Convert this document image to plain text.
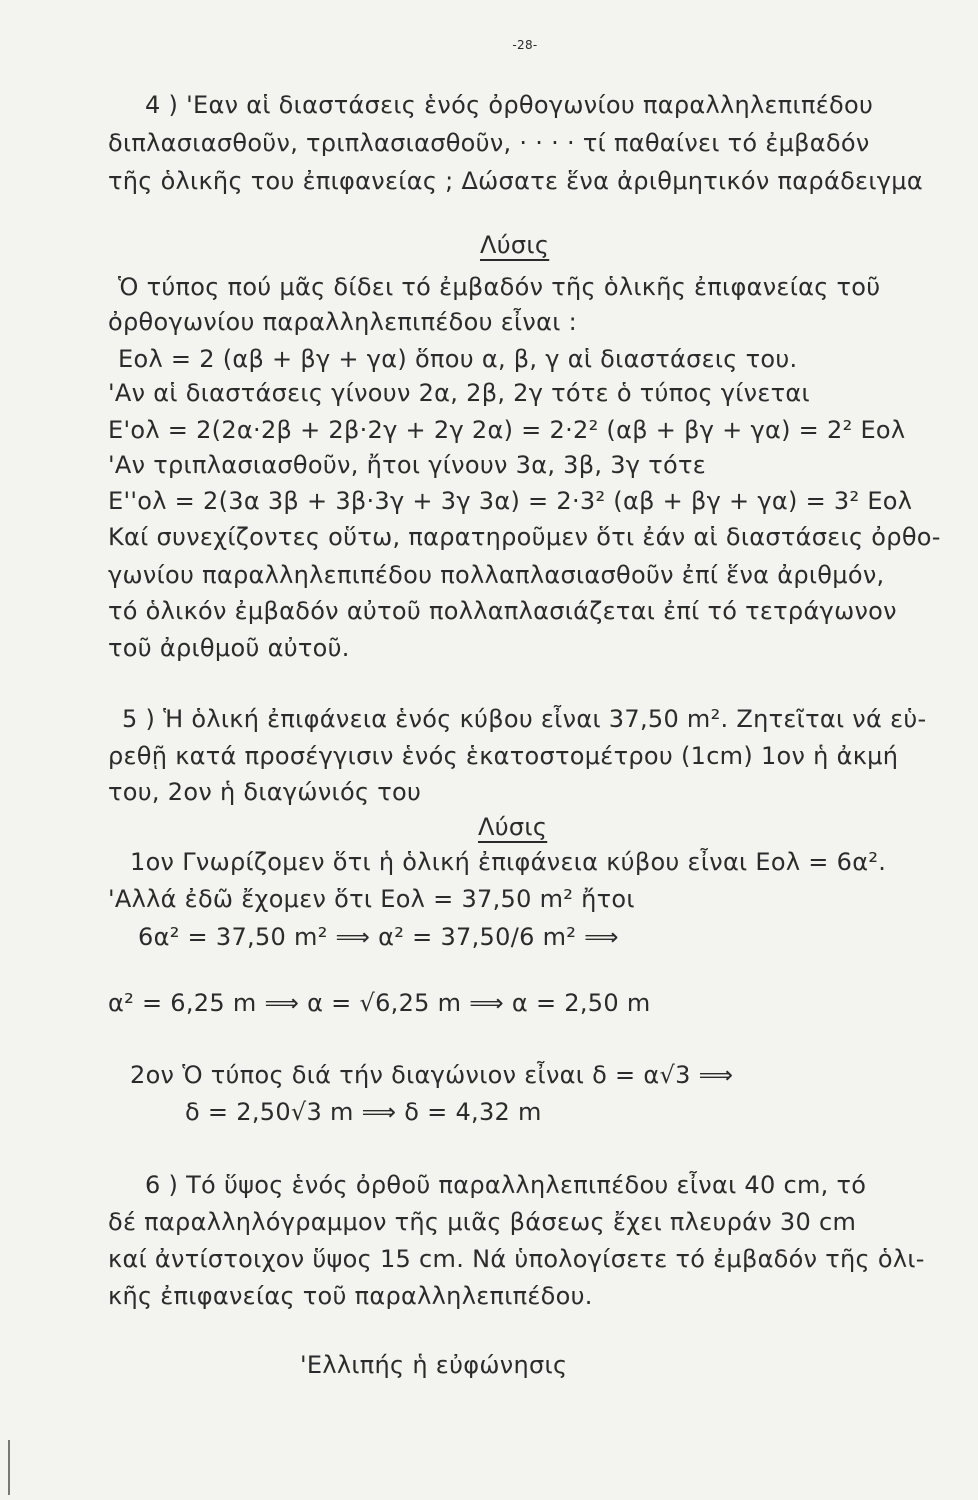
-28-
4 ) 'Εαν αἱ διαστάσεις ἑνός ὀρθογωνίου παραλληλεπιπέδου
διπλασιασθοῦν, τριπλασιασθοῦν, · · · · τί παθαίνει τό ἐμβαδόν
τῆς ὁλικῆς του ἐπιφανείας ; Δώσατε ἕνα ἀριθμητικόν παράδειγμα
Λύσις
Ὁ τύπος πού μᾶς δίδει τό ἐμβαδόν τῆς ὁλικῆς ἐπιφανείας τοῦ
ὀρθογωνίου παραλληλεπιπέδου εἶναι :
Eολ = 2 (αβ + βγ + γα) ὅπου α, β, γ αἱ διαστάσεις του.
'Αν αἱ διαστάσεις γίνουν 2α, 2β, 2γ τότε ὁ τύπος γίνεται
E'ολ = 2(2α·2β + 2β·2γ + 2γ 2α) = 2·2² (αβ + βγ + γα) = 2² Eολ
'Αν τριπλασιασθοῦν, ἤτοι γίνουν 3α, 3β, 3γ τότε
E''ολ = 2(3α 3β + 3β·3γ + 3γ 3α) = 2·3² (αβ + βγ + γα) = 3² Eολ
Καί συνεχίζοντες οὕτω, παρατηροῦμεν ὅτι ἐάν αἱ διαστάσεις ὀρθο-
γωνίου παραλληλεπιπέδου πολλαπλασιασθοῦν ἐπί ἕνα ἀριθμόν,
τό ὁλικόν ἐμβαδόν αὐτοῦ πολλαπλασιάζεται ἐπί τό τετράγωνον
τοῦ ἀριθμοῦ αὐτοῦ.
5 ) Ἡ ὁλική ἐπιφάνεια ἑνός κύβου εἶναι 37,50 m². Ζητεῖται νά εὑ-
ρεθῇ κατά προσέγγισιν ἑνός ἑκατοστομέτρου (1cm) 1ον ἡ ἀκμή
του, 2ον ἡ διαγώνιός του
Λύσις
1ον Γνωρίζομεν ὅτι ἡ ὁλική ἐπιφάνεια κύβου εἶναι Eολ = 6α².
'Αλλά ἐδῶ ἔχομεν ὅτι Eολ = 37,50 m² ἤτοι
6α² = 37,50 m² ⟹ α² = 37,50/6 m² ⟹
α² = 6,25 m ⟹ α = √6,25 m ⟹ α = 2,50 m
2ον Ὁ τύπος διά τήν διαγώνιον εἶναι δ = α√3 ⟹
δ = 2,50√3 m ⟹ δ = 4,32 m
6 ) Τό ὕψος ἑνός ὀρθοῦ παραλληλεπιπέδου εἶναι 40 cm, τό
δέ παραλληλόγραμμον τῆς μιᾶς βάσεως ἔχει πλευράν 30 cm
καί ἀντίστοιχον ὕψος 15 cm. Νά ὑπολογίσετε τό ἐμβαδόν τῆς ὁλι-
κῆς ἐπιφανείας τοῦ παραλληλεπιπέδου.
'Ελλιπής ἡ εὐφώνησις
